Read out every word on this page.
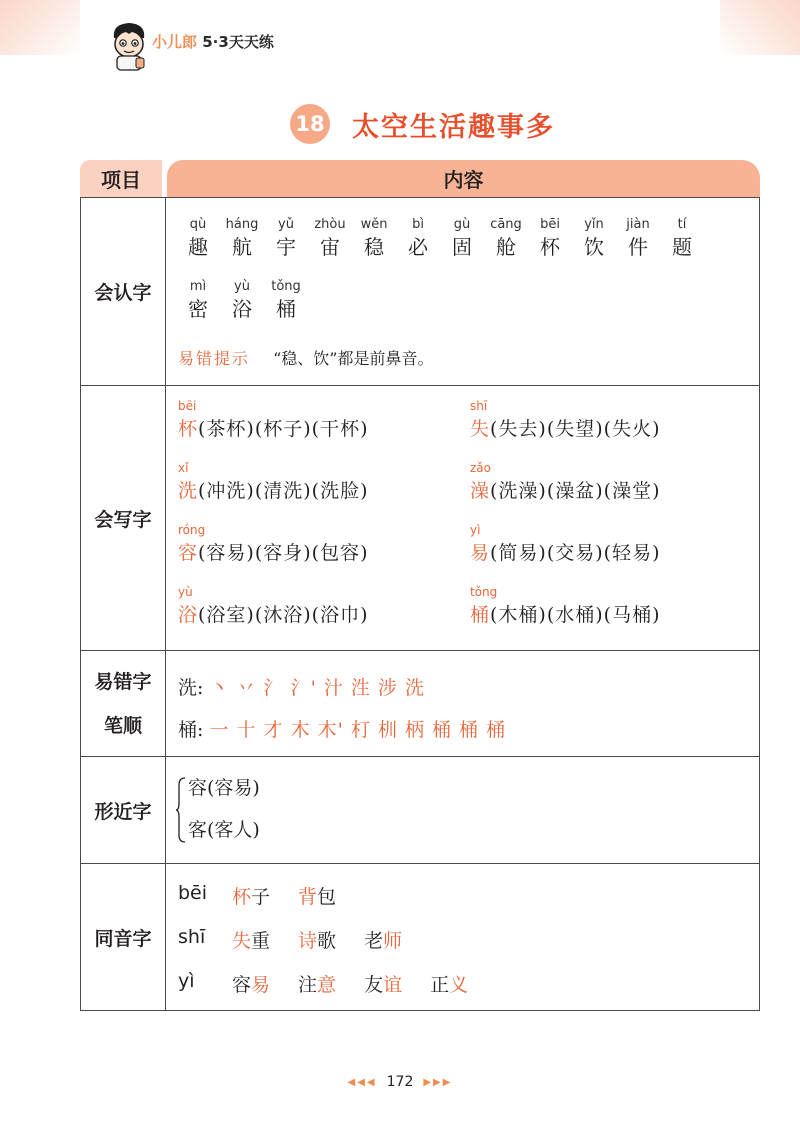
小儿郎 5·3天天练
18 太空生活趣事多
项目	内容
会认字
qù
趣
háng
航
yǔ
宇
zhòu
宙
wěn
稳
bì
必
gù
固
cāng
舱
bēi
杯
yǐn
饮
jiàn
件
tí
题
mì
密
yù
浴
tǒng
桶
易错提示 “稳、饮”都是前鼻音。
会写字
bēi
杯(茶杯)(杯子)(干杯)
shī
失(失去)(失望)(失火)
xǐ
洗(冲洗)(清洗)(洗脸)
zǎo
澡(洗澡)(澡盆)(澡堂)
róng
容(容易)(容身)(包容)
yì
易(简易)(交易)(轻易)
yù
浴(浴室)(沐浴)(浴巾)
tǒng
桶(木桶)(水桶)(马桶)
易错字
笔顺
洗: 丶 丷 氵 氵' 汁 泩 涉 洗
桶: 一 十 才 木 木' 朾 杊 柄 桶 桶 桶
形近字
容(容易)
客(客人)
同音字
bēi	杯子 背包
shī	失重 诗歌 老师
yì	容易 注意 友谊 正义
◀◀◀ 172 ▶▶▶
